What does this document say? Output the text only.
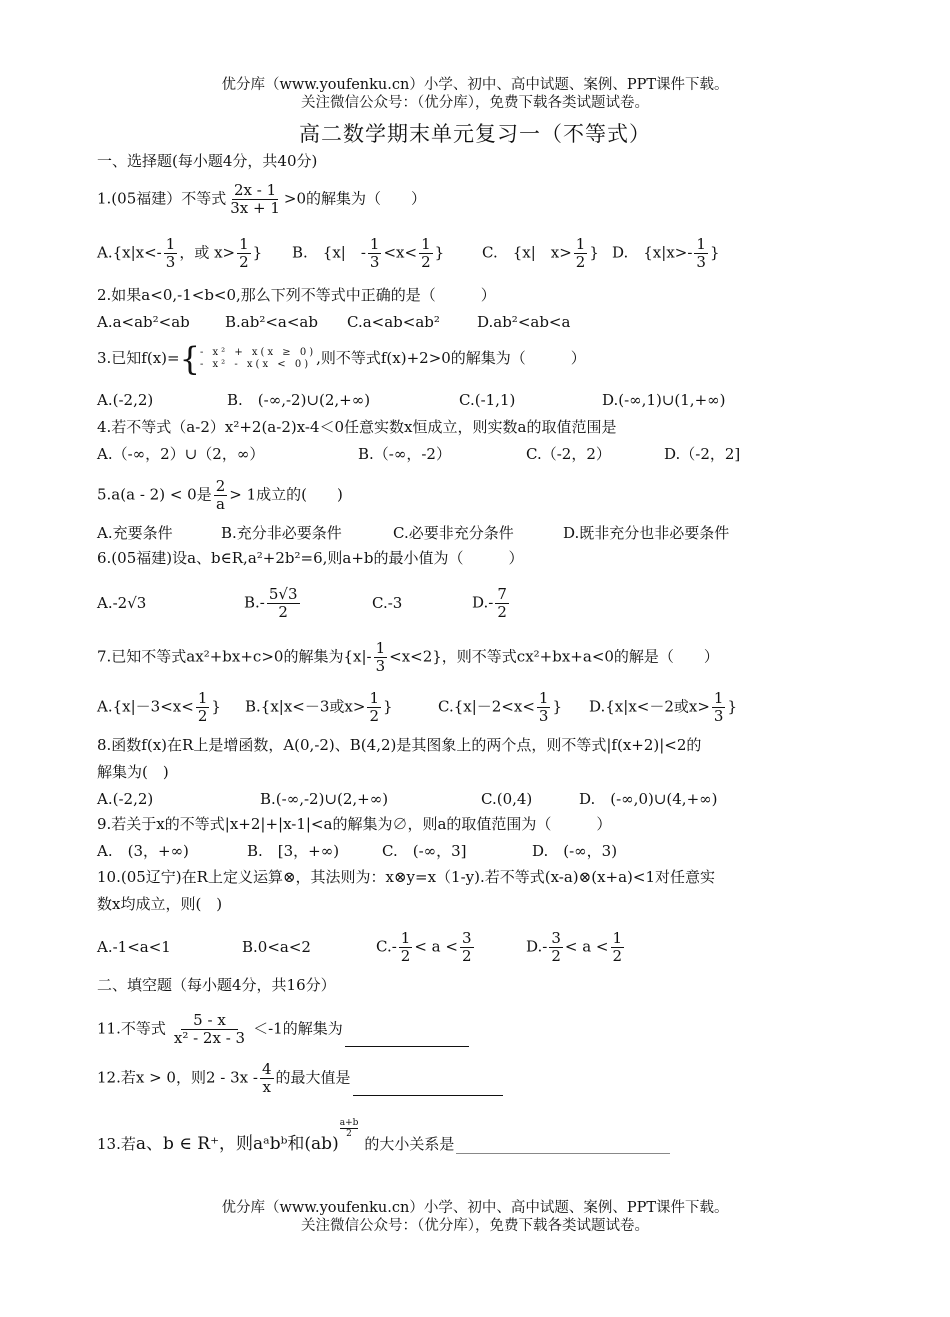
优分库（www.youfenku.cn）小学、初中、高中试题、案例、PPT课件下载。
关注微信公众号：（优分库），免费下载各类试题试卷。
高二数学期末单元复习一（不等式）
一、选择题(每小题4分，共40分)
1.(05福建）不等式 $\frac{2x - 1}{3x + 1} >0$的解集为（　　）
$A.\{x|x<- \frac{1}{3}$ ，或 $x> \frac{1}{2}$ } B.　{x|　- $\frac{1}{3} <x< \frac{1}{2}$ }	C.　{x|　$x> \frac{1}{2}$ } D.　{$x|x>- \frac{1}{3}$ }
2.如果a<0,-1<b<0,那么下列不等式中正确的是（　　　）
A.a<ab²<ab B.ab²<a<ab C.a<ab<ab² D.ab²<ab<a
3.已知f(x)= { - x² + x(x ≥ 0)
- x² - x(x < 0) ,则不等式f(x)+2>0的解集为（　　　）
A.(-2,2)	B.　(-∞,-2)∪(2,+∞)	C.(-1,1)	D.(-∞,1)∪(1,+∞)
4.若不等式（a-2）x²+2(a-2)x-4＜0任意实数x恒成立，则实数a的取值范围是
A.（-∞，2）∪（2，∞）	B.（-∞，-2）	C.（-2，2）	D.（-2，2]
5.a(a - 2) < 0是 $\frac{2}{a} > 1$成立的(　　)
A.充要条件	B.充分非必要条件	C.必要非充分条件	D.既非充分也非必要条件
6.(05福建)设a、b∈R,a²+2b²=6,则a+b的最小值为（　　　）
A.-2√3	$B.- \frac{5√3}{2}$	C.-3	$D.- \frac{7}{2}$
7.已知不等式ax²+bx+c>0的解集为$\{x|- \frac{1}{3} <x<2\}$，则不等式cx²+bx+a<0的解是（　　）
$A.\{x|-3<x< \frac{1}{2}$ } B.{x|x<－3或$x> \frac{1}{2}$ }	$C.\{x|-2<x< \frac{1}{3}$ } D.{x|x<－2或$x> \frac{1}{3}$ }
8.函数f(x)在R上是增函数，A(0,-2)、B(4,2)是其图象上的两个点，则不等式|f(x+2)|<2的
解集为(　)
A.(-2,2)	B.(-∞,-2)∪(2,+∞)	C.(0,4)	D.　(-∞,0)∪(4,+∞)
9.若关于x的不等式|x+2|+|x-1|<a的解集为∅，则a的取值范围为（　　　）
A.　(3，+∞)	B.　[3，+∞)	C.　(-∞，3]	D.　(-∞，3)
10.(05辽宁)在R上定义运算⊗，其法则为：x⊗y=x（1-y).若不等式(x-a)⊗(x+a)<1对任意实
数x均成立，则(　)
A.-1<a<1	B.0<a<2	$C.- \frac{1}{2} < a < \frac{3}{2}$	$D.- \frac{3}{2} < a < \frac{1}{2}$
二、填空题（每小题4分，共16分）
11.不等式 $\frac{5 - x}{\text{x² - 2x - 3}} <-1$的解集为
12.若x > 0，则$2 - 3x - \frac{4}{x}$ 的最大值是
13.若a、b ∈ R⁺，则aᵃbᵇ和(ab)
$\frac{a+b}{2}$
的大小关系是
优分库（www.youfenku.cn）小学、初中、高中试题、案例、PPT课件下载。
关注微信公众号：（优分库），免费下载各类试题试卷。
